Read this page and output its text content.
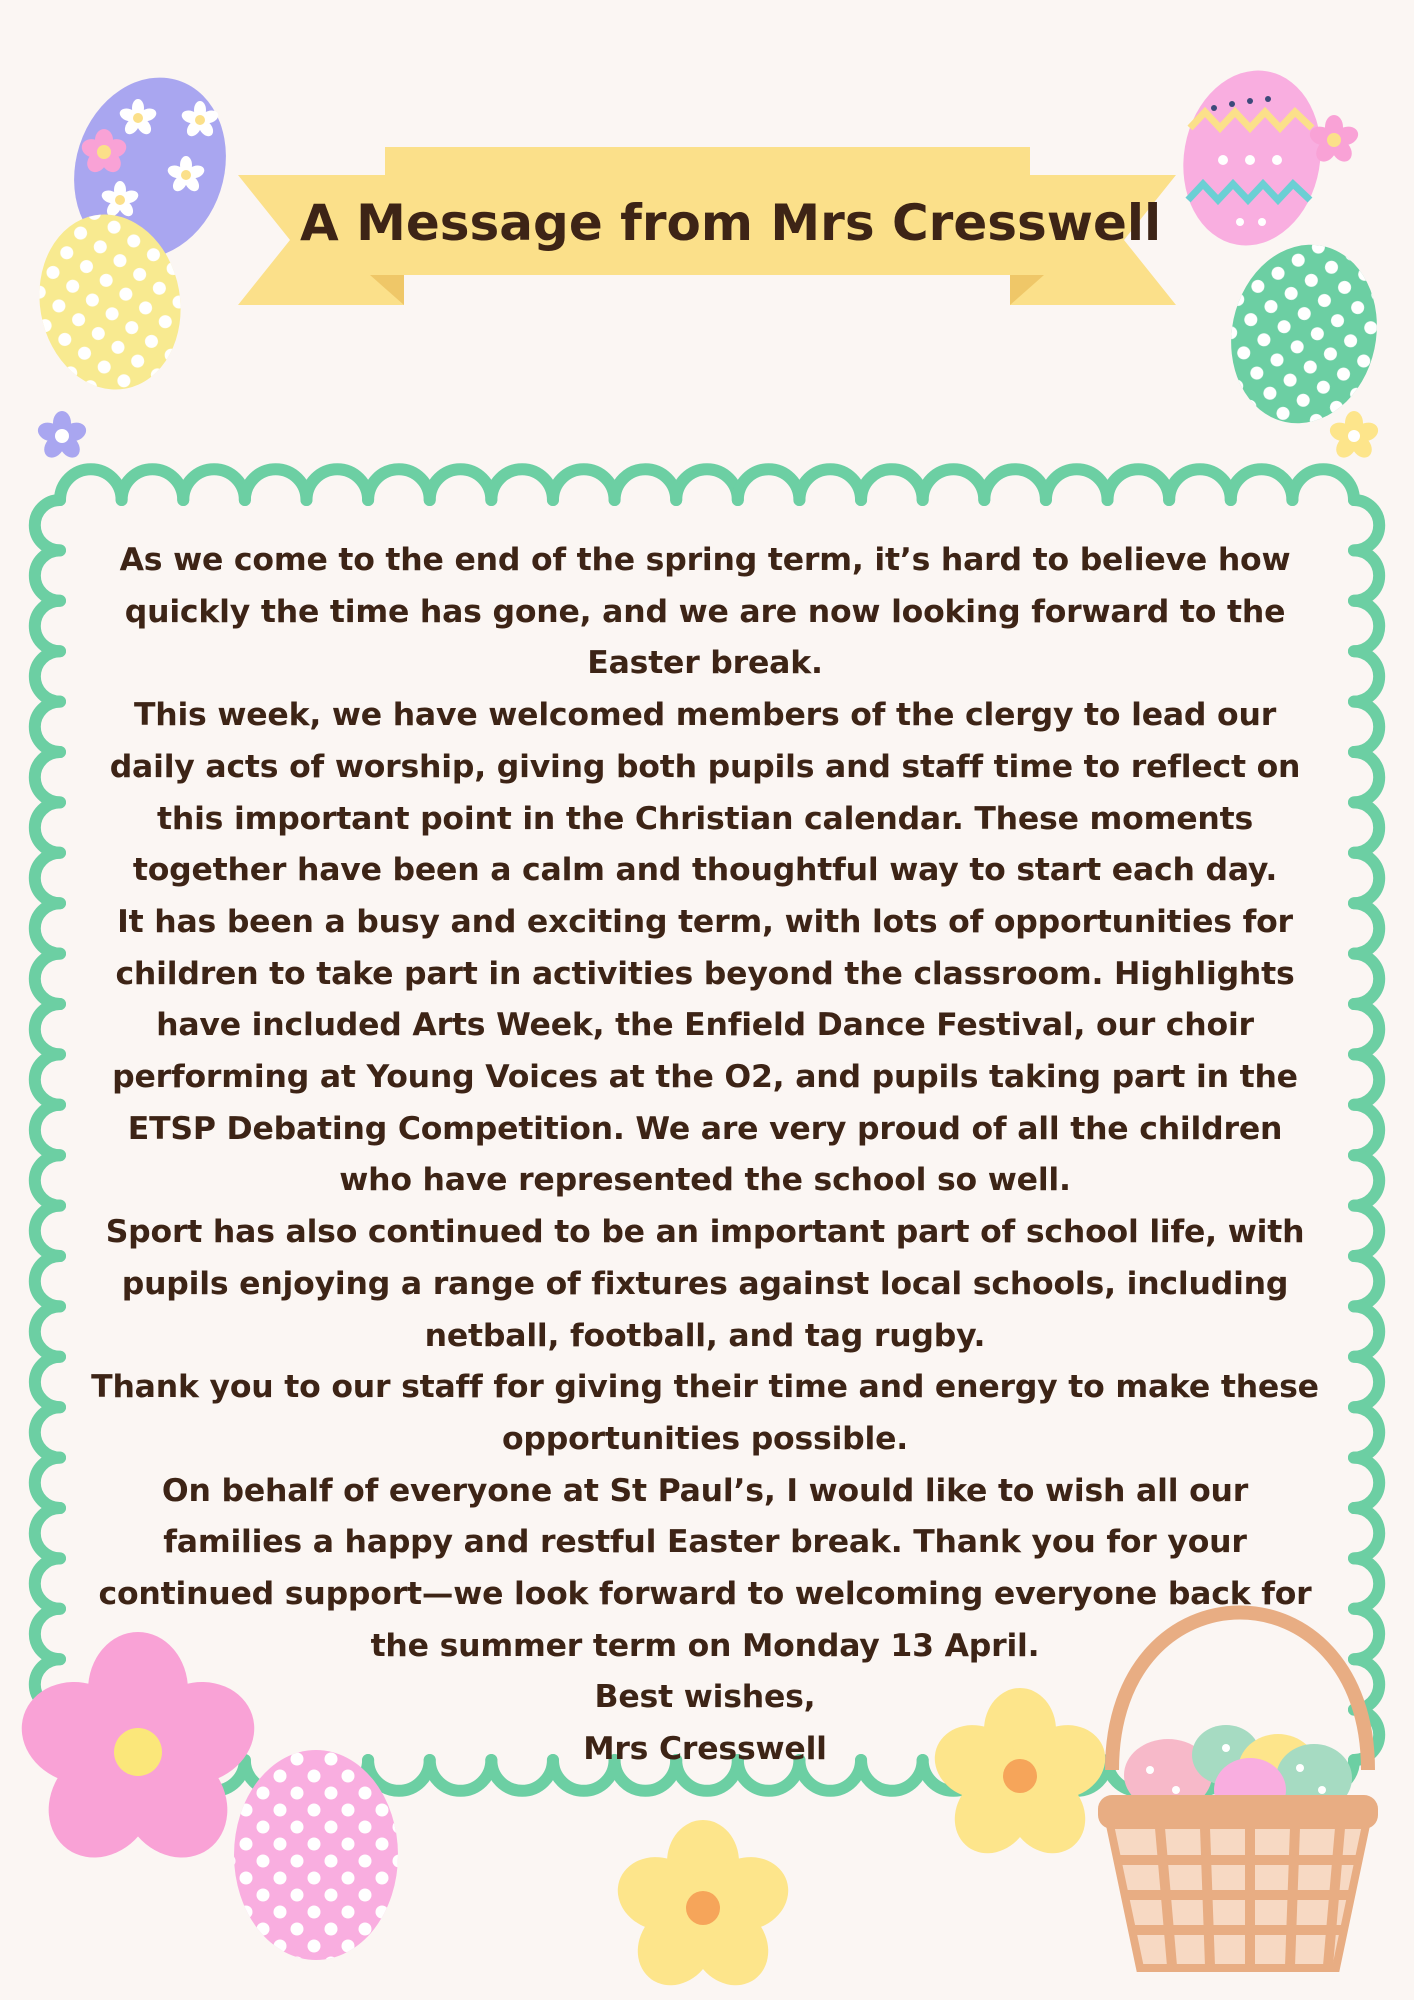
A Message from Mrs Cresswell

As we come to the end of the spring term, it’s hard to believe how quickly the time has gone, and we are now looking forward to the Easter break.

This week, we have welcomed members of the clergy to lead our daily acts of worship, giving both pupils and staff time to reflect on this important point in the Christian calendar. These moments together have been a calm and thoughtful way to start each day.

It has been a busy and exciting term, with lots of opportunities for children to take part in activities beyond the classroom. Highlights have included Arts Week, the Enfield Dance Festival, our choir performing at Young Voices at the O2, and pupils taking part in the ETSP Debating Competition. We are very proud of all the children who have represented the school so well.

Sport has also continued to be an important part of school life, with pupils enjoying a range of fixtures against local schools, including netball, football, and tag rugby.

Thank you to our staff for giving their time and energy to make these opportunities possible.

On behalf of everyone at St Paul’s, I would like to wish all our families a happy and restful Easter break. Thank you for your continued support—we look forward to welcoming everyone back for the summer term on Monday 13 April.

Best wishes,

Mrs Cresswell
